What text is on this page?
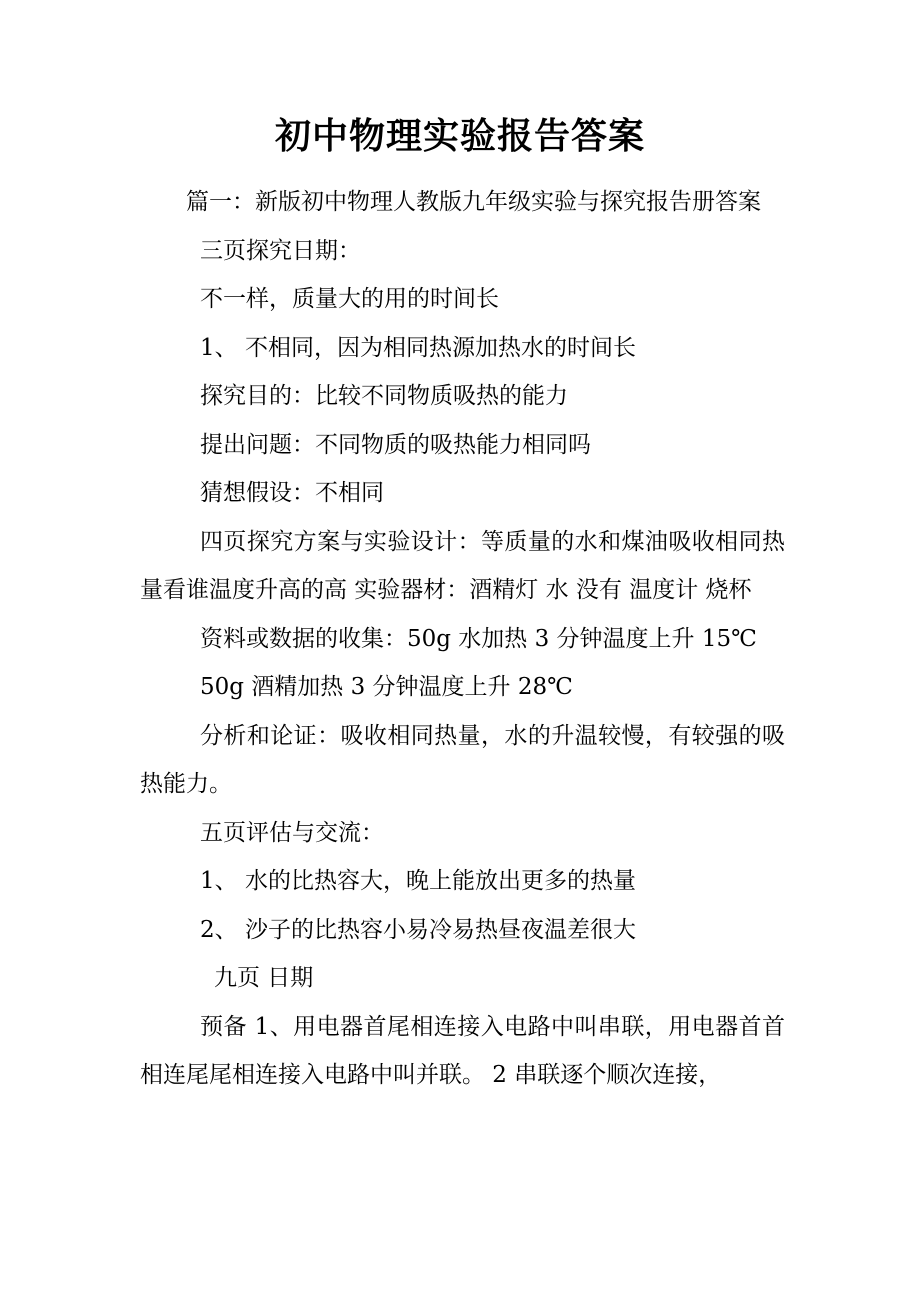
初中物理实验报告答案

篇一：新版初中物理人教版九年级实验与探究报告册答案

三页探究日期：

不一样，质量大的用的时间长

1、 不相同，因为相同热源加热水的时间长

探究目的：比较不同物质吸热的能力

提出问题：不同物质的吸热能力相同吗

猜想假设：不相同

四页探究方案与实验设计：等质量的水和煤油吸收相同热量看谁温度升高的高 实验器材：酒精灯 水 没有 温度计 烧杯

资料或数据的收集：50g 水加热 3 分钟温度上升 15℃

50g 酒精加热 3 分钟温度上升 28℃

分析和论证：吸收相同热量，水的升温较慢，有较强的吸热能力。

五页评估与交流：

1、 水的比热容大，晚上能放出更多的热量

2、 沙子的比热容小易冷易热昼夜温差很大

九页 日期

预备 1、用电器首尾相连接入电路中叫串联，用电器首首相连尾尾相连接入电路中叫并联。 2 串联逐个顺次连接，
